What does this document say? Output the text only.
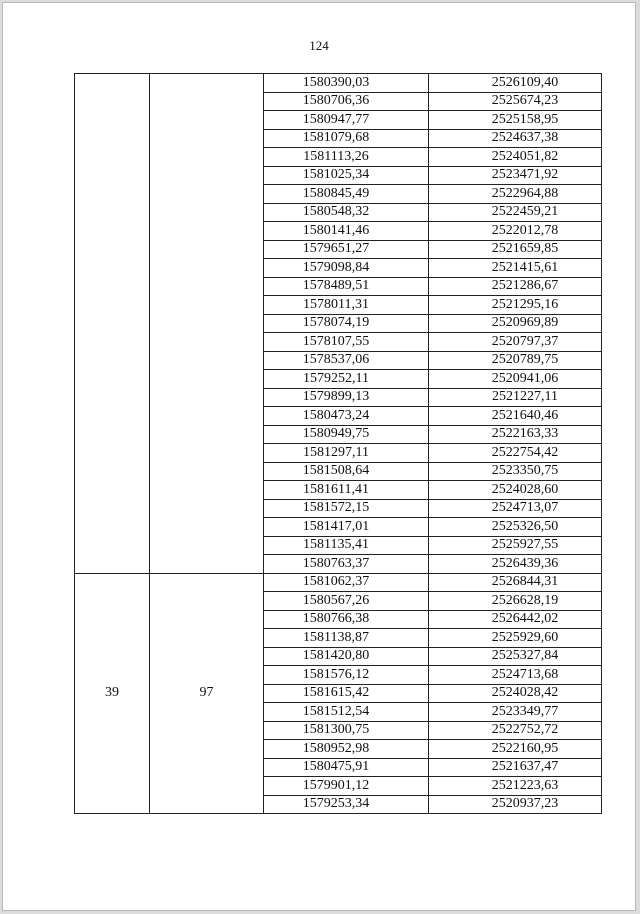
124
		1580390,03	2526109,40
		1580706,36	2525674,23
		1580947,77	2525158,95
		1581079,68	2524637,38
		1581113,26	2524051,82
		1581025,34	2523471,92
		1580845,49	2522964,88
		1580548,32	2522459,21
		1580141,46	2522012,78
		1579651,27	2521659,85
		1579098,84	2521415,61
		1578489,51	2521286,67
		1578011,31	2521295,16
		1578074,19	2520969,89
		1578107,55	2520797,37
		1578537,06	2520789,75
		1579252,11	2520941,06
		1579899,13	2521227,11
		1580473,24	2521640,46
		1580949,75	2522163,33
		1581297,11	2522754,42
		1581508,64	2523350,75
		1581611,41	2524028,60
		1581572,15	2524713,07
		1581417,01	2525326,50
		1581135,41	2525927,55
		1580763,37	2526439,36
39	97	1581062,37	2526844,31
		1580567,26	2526628,19
		1580766,38	2526442,02
		1581138,87	2525929,60
		1581420,80	2525327,84
		1581576,12	2524713,68
		1581615,42	2524028,42
		1581512,54	2523349,77
		1581300,75	2522752,72
		1580952,98	2522160,95
		1580475,91	2521637,47
		1579901,12	2521223,63
		1579253,34	2520937,23
